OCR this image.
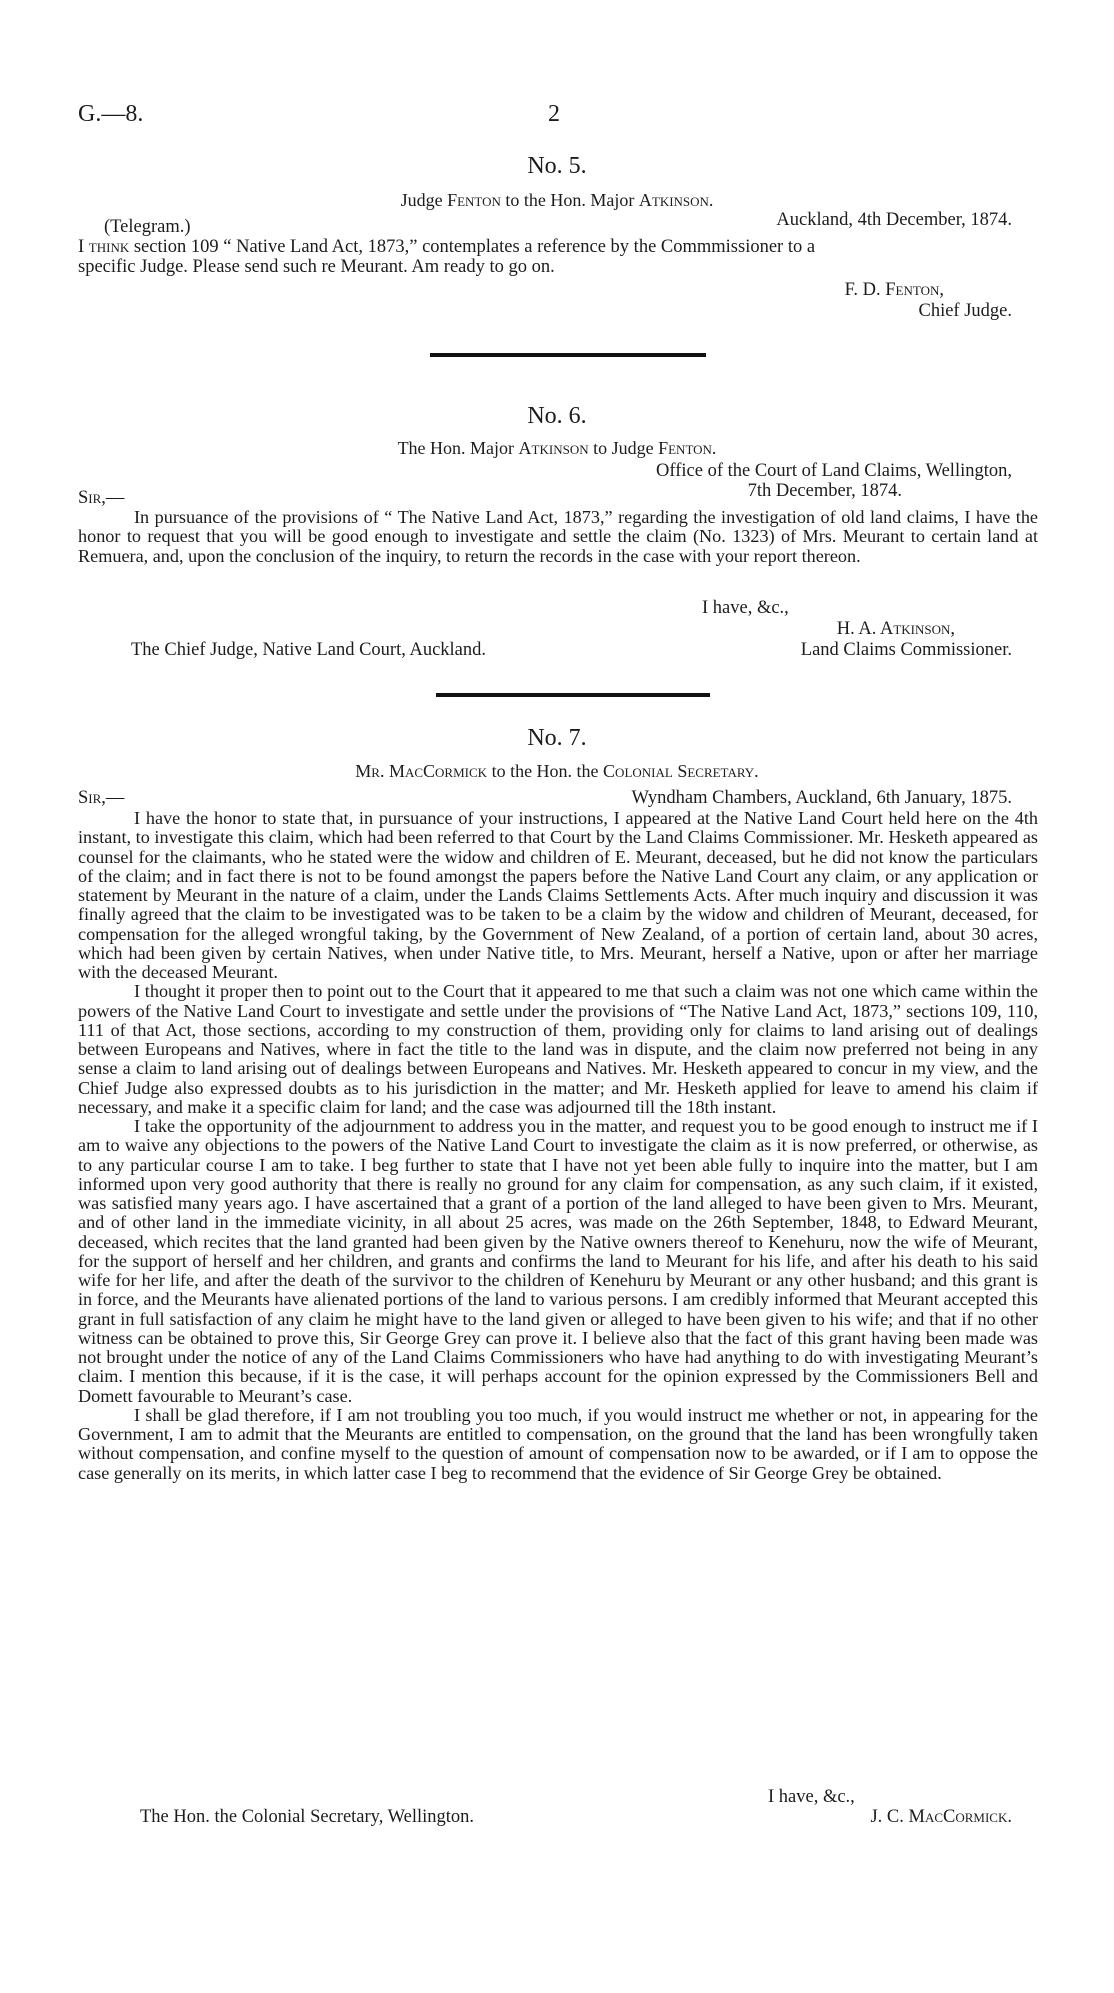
G.—8.	2
No. 5.
Judge Fenton to the Hon. Major Atkinson.
(Telegram.)	Auckland, 4th December, 1874.
I think section 109 “ Native Land Act, 1873,” contemplates a reference by the Commmissioner to a
specific Judge. Please send such re Meurant. Am ready to go on.
F. D. Fenton,
Chief Judge.
No. 6.
The Hon. Major Atkinson to Judge Fenton.
Office of the Court of Land Claims, Wellington,
Sir,—	7th December, 1874.

In pursuance of the provisions of “ The Native Land Act, 1873,” regarding the investigation of old land claims, I have the honor to request that you will be good enough to investigate and settle the claim (No. 1323) of Mrs. Meurant to certain land at Remuera, and, upon the conclusion of the inquiry, to return the records in the case with your report thereon.

I have, &c.,
H. A. Atkinson,
The Chief Judge, Native Land Court, Auckland.	Land Claims Commissioner.
No. 7.
Mr. MacCormick to the Hon. the Colonial Secretary.
Sir,—	Wyndham Chambers, Auckland, 6th January, 1875.

I have the honor to state that, in pursuance of your instructions, I appeared at the Native Land Court held here on the 4th instant, to investigate this claim, which had been referred to that Court by the Land Claims Commissioner. Mr. Hesketh appeared as counsel for the claimants, who he stated were the widow and children of E. Meurant, deceased, but he did not know the particulars of the claim; and in fact there is not to be found amongst the papers before the Native Land Court any claim, or any application or statement by Meurant in the nature of a claim, under the Lands Claims Settlements Acts. After much inquiry and discussion it was finally agreed that the claim to be investigated was to be taken to be a claim by the widow and children of Meurant, deceased, for compensation for the alleged wrongful taking, by the Government of New Zealand, of a portion of certain land, about 30 acres, which had been given by certain Natives, when under Native title, to Mrs. Meurant, herself a Native, upon or after her marriage with the deceased Meurant.

I thought it proper then to point out to the Court that it appeared to me that such a claim was not one which came within the powers of the Native Land Court to investigate and settle under the provisions of “The Native Land Act, 1873,” sections 109, 110, 111 of that Act, those sections, according to my construction of them, providing only for claims to land arising out of dealings between Europeans and Natives, where in fact the title to the land was in dispute, and the claim now preferred not being in any sense a claim to land arising out of dealings between Europeans and Natives. Mr. Hesketh appeared to concur in my view, and the Chief Judge also expressed doubts as to his jurisdiction in the matter; and Mr. Hesketh applied for leave to amend his claim if necessary, and make it a specific claim for land; and the case was adjourned till the 18th instant.

I take the opportunity of the adjournment to address you in the matter, and request you to be good enough to instruct me if I am to waive any objections to the powers of the Native Land Court to investigate the claim as it is now preferred, or otherwise, as to any particular course I am to take. I beg further to state that I have not yet been able fully to inquire into the matter, but I am informed upon very good authority that there is really no ground for any claim for compensation, as any such claim, if it existed, was satisfied many years ago. I have ascertained that a grant of a portion of the land alleged to have been given to Mrs. Meurant, and of other land in the immediate vicinity, in all about 25 acres, was made on the 26th September, 1848, to Edward Meurant, deceased, which recites that the land granted had been given by the Native owners thereof to Kenehuru, now the wife of Meurant, for the support of herself and her children, and grants and confirms the land to Meurant for his life, and after his death to his said wife for her life, and after the death of the survivor to the children of Kenehuru by Meurant or any other husband; and this grant is in force, and the Meurants have alienated portions of the land to various persons. I am credibly informed that Meurant accepted this grant in full satisfaction of any claim he might have to the land given or alleged to have been given to his wife; and that if no other witness can be obtained to prove this, Sir George Grey can prove it. I believe also that the fact of this grant having been made was not brought under the notice of any of the Land Claims Commissioners who have had anything to do with investigating Meurant’s claim. I mention this because, if it is the case, it will perhaps account for the opinion expressed by the Commissioners Bell and Domett favourable to Meurant’s case.

I shall be glad therefore, if I am not troubling you too much, if you would instruct me whether or not, in appearing for the Government, I am to admit that the Meurants are entitled to compensation, on the ground that the land has been wrongfully taken without compensation, and confine myself to the question of amount of compensation now to be awarded, or if I am to oppose the case generally on its merits, in which latter case I beg to recommend that the evidence of Sir George Grey be obtained.

I have, &c.,
The Hon. the Colonial Secretary, Wellington.	J. C. MacCormick.
